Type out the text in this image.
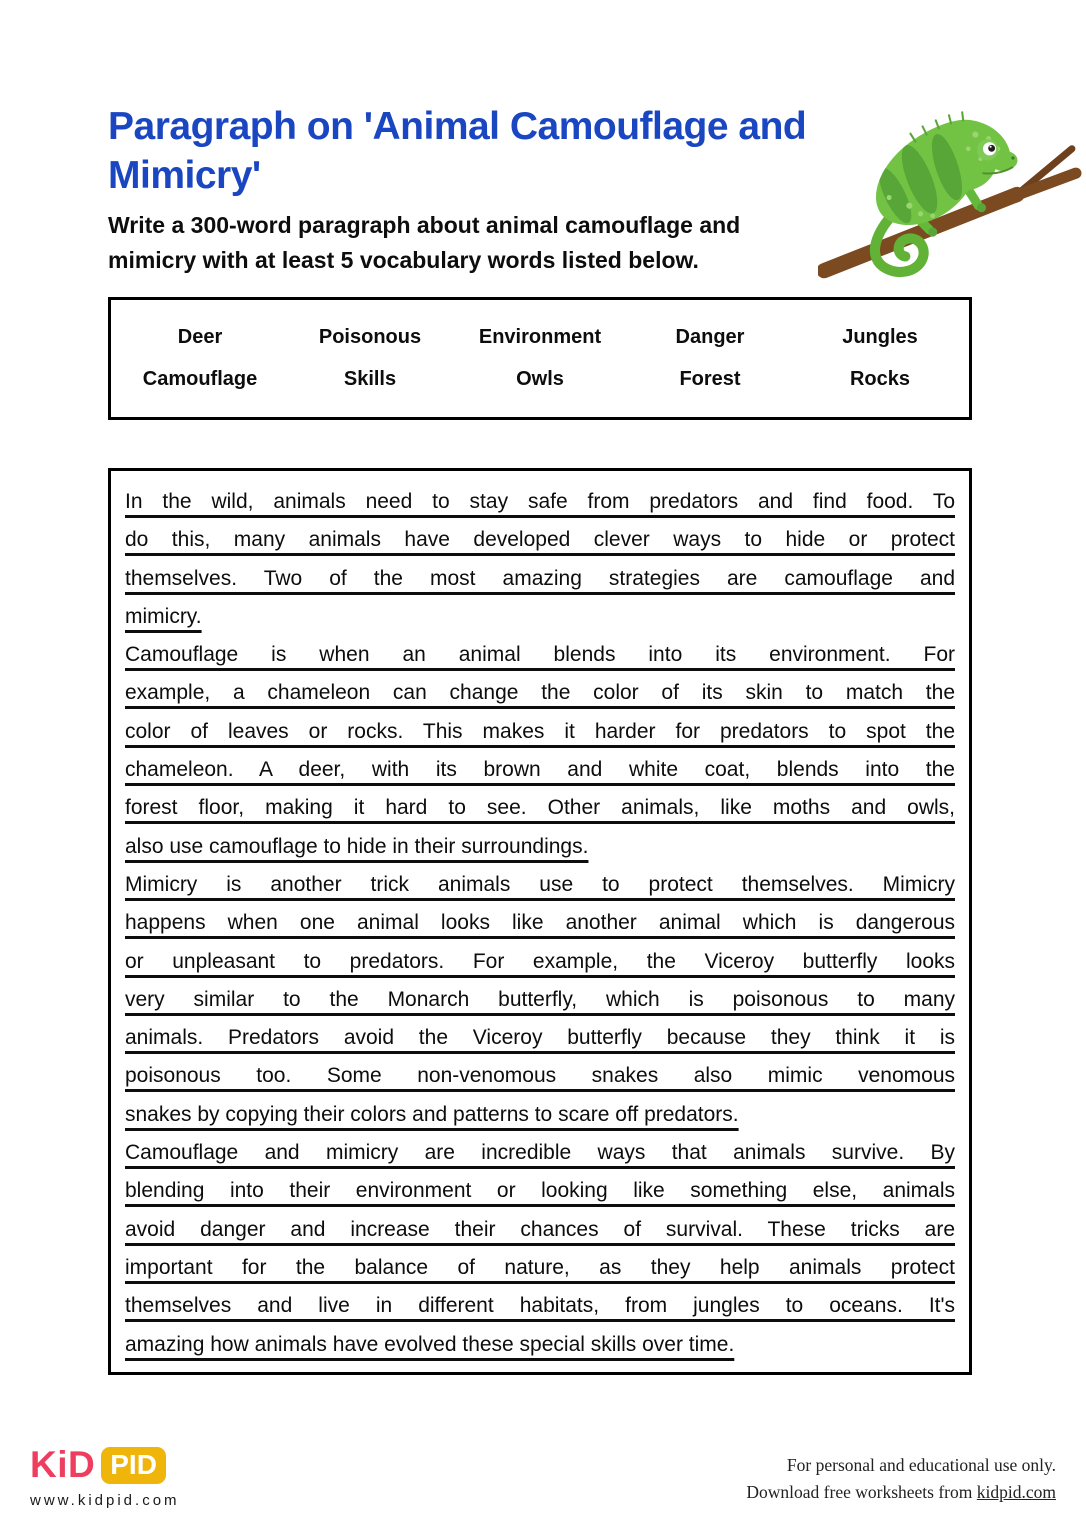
Paragraph on 'Animal Camouflage and
Mimicry'
Write a 300-word paragraph about animal camouflage and
mimicry with at least 5 vocabulary words listed below.
Deer	Poisonous	Environment	Danger	Jungles
Camouflage	Skills	Owls	Forest	Rocks
In the wild, animals need to stay safe from predators and find food. To
do this, many animals have developed clever ways to hide or protect
themselves. Two of the most amazing strategies are camouflage and
mimicry.
Camouflage is when an animal blends into its environment. For
example, a chameleon can change the color of its skin to match the
color of leaves or rocks. This makes it harder for predators to spot the
chameleon. A deer, with its brown and white coat, blends into the
forest floor, making it hard to see. Other animals, like moths and owls,
also use camouflage to hide in their surroundings.
Mimicry is another trick animals use to protect themselves. Mimicry
happens when one animal looks like another animal which is dangerous
or unpleasant to predators. For example, the Viceroy butterfly looks
very similar to the Monarch butterfly, which is poisonous to many
animals. Predators avoid the Viceroy butterfly because they think it is
poisonous too. Some non-venomous snakes also mimic venomous
snakes by copying their colors and patterns to scare off predators.
Camouflage and mimicry are incredible ways that animals survive. By
blending into their environment or looking like something else, animals
avoid danger and increase their chances of survival. These tricks are
important for the balance of nature, as they help animals protect
themselves and live in different habitats, from jungles to oceans. It's
amazing how animals have evolved these special skills over time.
KiD PID
www.kidpid.com
For personal and educational use only.
Download free worksheets from kidpid.com
